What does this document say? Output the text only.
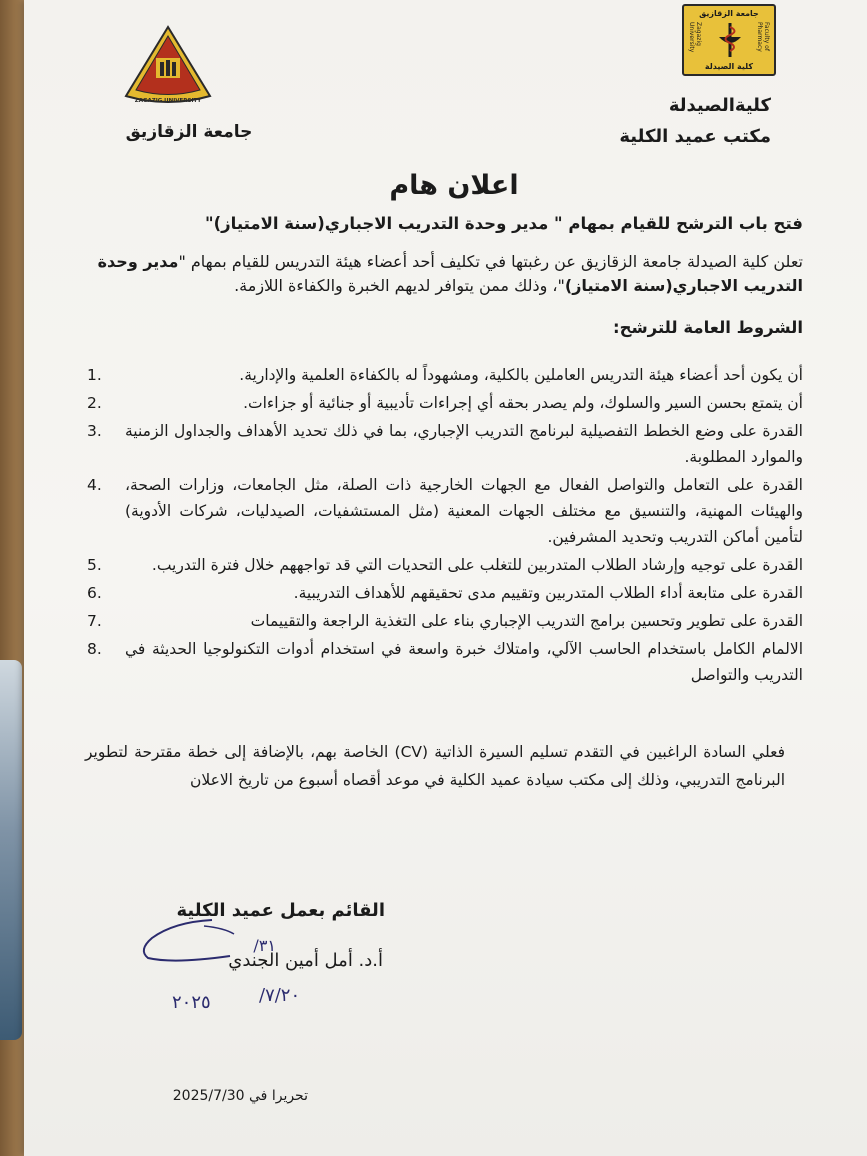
ZAGAZIG UNIVERSITY
جامعة الزقازيق
Zagazig University	Faculty of Pharmacy
كلية الصيدلة
جامعة الزقازيق
كلية‌الصيدلة
مكتب عميد الكلية
اعلان هام
فتح باب الترشح للقيام بمهام " مدير وحدة التدريب الاجباري(سنة الامتياز)"
تعلن كلية الصيدلة جامعة الزقازيق عن رغبتها في تكليف أحد أعضاء هيئة التدريس للقيام بمهام "مدير وحدة التدريب الاجباري(سنة الامتياز)"، وذلك ممن يتوافر لديهم الخبرة والكفاءة اللازمة.
الشروط العامة للترشح:
أن يكون أحد أعضاء هيئة التدريس العاملين بالكلية، ومشهوداً له بالكفاءة العلمية والإدارية.
1.
أن يتمتع بحسن السير والسلوك، ولم يصدر بحقه أي إجراءات تأديبية أو جنائية أو جزاءات.
2.
القدرة على وضع الخطط التفصيلية لبرنامج التدريب الإجباري، بما في ذلك تحديد الأهداف والجداول الزمنية والموارد المطلوبة.
3.
القدرة على التعامل والتواصل الفعال مع الجهات الخارجية ذات الصلة، مثل الجامعات، وزارات الصحة، والهيئات المهنية، والتنسيق مع مختلف الجهات المعنية (مثل المستشفيات، الصيدليات، شركات الأدوية) لتأمين أماكن التدريب وتحديد المشرفين.
4.
القدرة على توجيه وإرشاد الطلاب المتدربين للتغلب على التحديات التي قد تواجههم خلال فترة التدريب.
5.
القدرة على متابعة أداء الطلاب المتدربين وتقييم مدى تحقيقهم للأهداف التدريبية.
6.
القدرة على تطوير وتحسين برامج التدريب الإجباري بناء على التغذية الراجعة والتقييمات
7.
الالمام الكامل باستخدام الحاسب الآلي، وامتلاك خبرة واسعة في استخدام أدوات التكنولوجيا الحديثة في التدريب والتواصل
8.
فعلي السادة الراغبين في التقدم تسليم السيرة الذاتية (CV) الخاصة بهم، بالإضافة إلى خطة مقترحة لتطوير البرنامج التدريبي، وذلك إلى مكتب سيادة عميد الكلية في موعد أقصاه أسبوع من تاريخ الاعلان
القائم بعمل عميد الكلية
أ.د. أمل أمين الجندي
٣١/
/٧/٢٠
٢٠٢٥
تحريرا في 2025/7/30
